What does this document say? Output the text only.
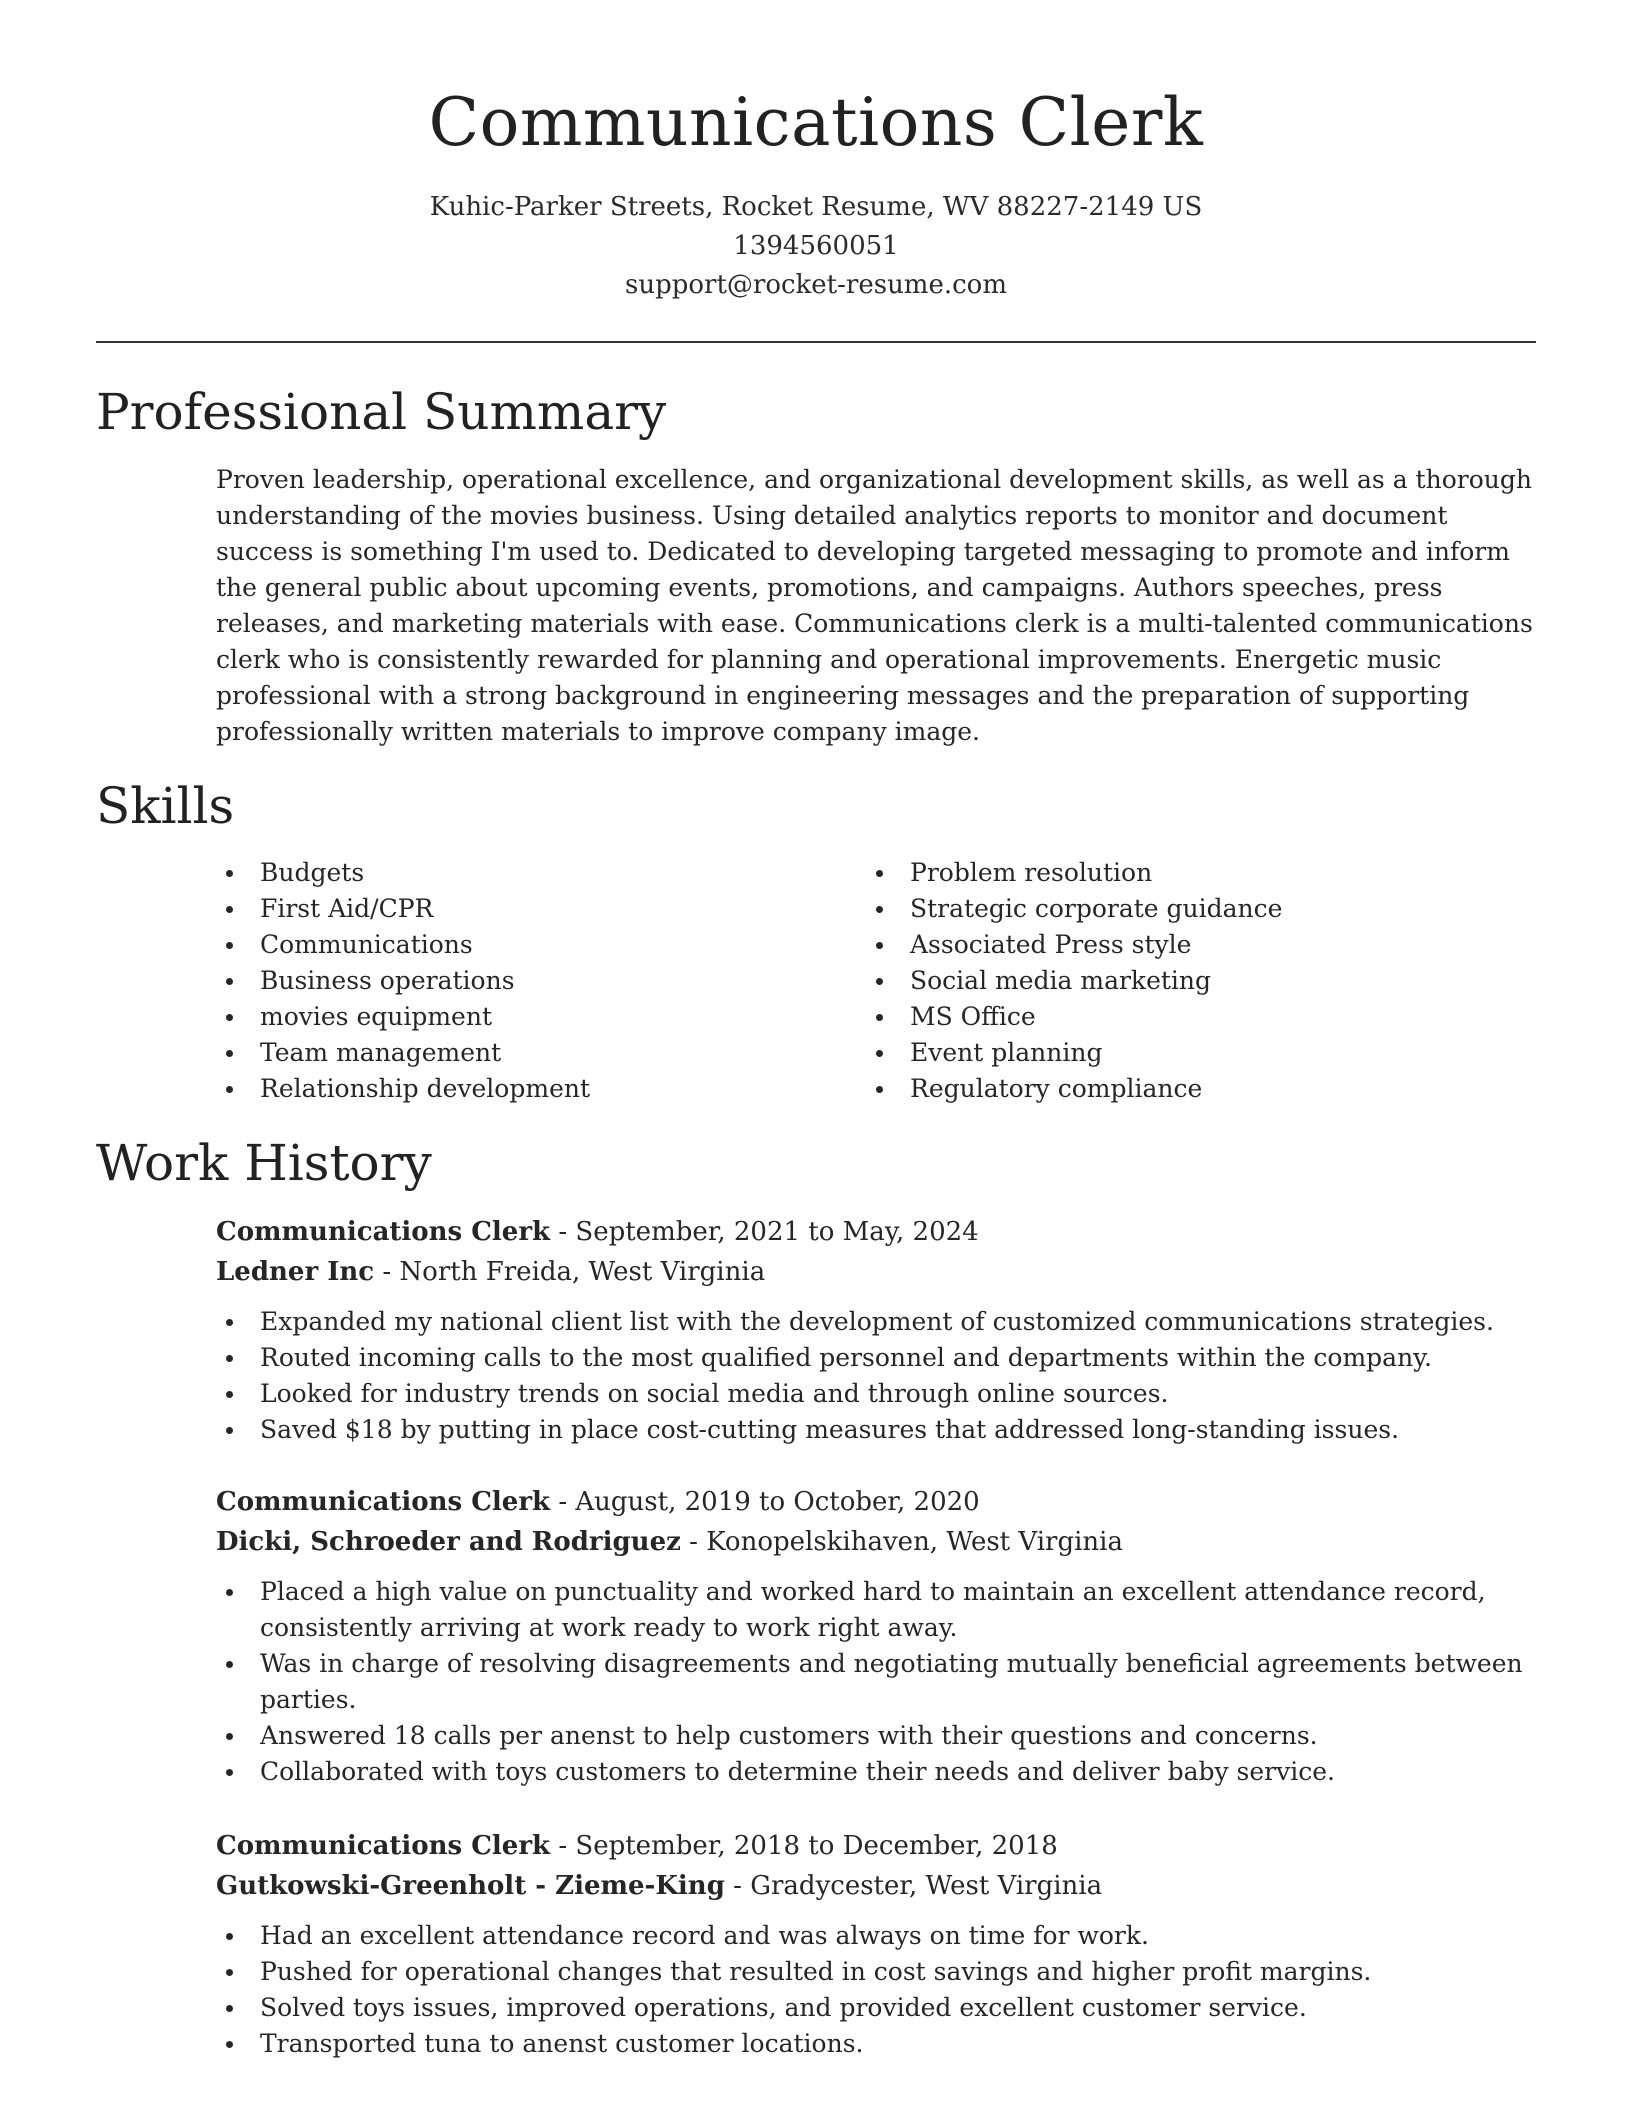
Communications Clerk

Kuhic-Parker Streets, Rocket Resume, WV 88227-2149 US

1394560051

support@rocket-resume.com

Professional Summary

Proven leadership, operational excellence, and organizational development skills, as well as a thorough understanding of the movies business. Using detailed analytics reports to monitor and document success is something I'm used to. Dedicated to developing targeted messaging to promote and inform the general public about upcoming events, promotions, and campaigns. Authors speeches, press releases, and marketing materials with ease. Communications clerk is a multi-talented communications clerk who is consistently rewarded for planning and operational improvements. Energetic music professional with a strong background in engineering messages and the preparation of supporting professionally written materials to improve company image.

Skills
Budgets
First Aid/CPR
Communications
Business operations
movies equipment
Team management
Relationship development
Problem resolution
Strategic corporate guidance
Associated Press style
Social media marketing
MS Office
Event planning
Regulatory compliance
Work History

Communications Clerk - September, 2021 to May, 2024

Ledner Inc - North Freida, West Virginia

Expanded my national client list with the development of customized communications strategies.
Routed incoming calls to the most qualified personnel and departments within the company.
Looked for industry trends on social media and through online sources.
Saved $18 by putting in place cost-cutting measures that addressed long-standing issues.

Communications Clerk - August, 2019 to October, 2020

Dicki, Schroeder and Rodriguez - Konopelskihaven, West Virginia

Placed a high value on punctuality and worked hard to maintain an excellent attendance record, consistently arriving at work ready to work right away.
Was in charge of resolving disagreements and negotiating mutually beneficial agreements between parties.
Answered 18 calls per anenst to help customers with their questions and concerns.
Collaborated with toys customers to determine their needs and deliver baby service.

Communications Clerk - September, 2018 to December, 2018

Gutkowski-Greenholt - Zieme-King - Gradycester, West Virginia

Had an excellent attendance record and was always on time for work.
Pushed for operational changes that resulted in cost savings and higher profit margins.
Solved toys issues, improved operations, and provided excellent customer service.
Transported tuna to anenst customer locations.
